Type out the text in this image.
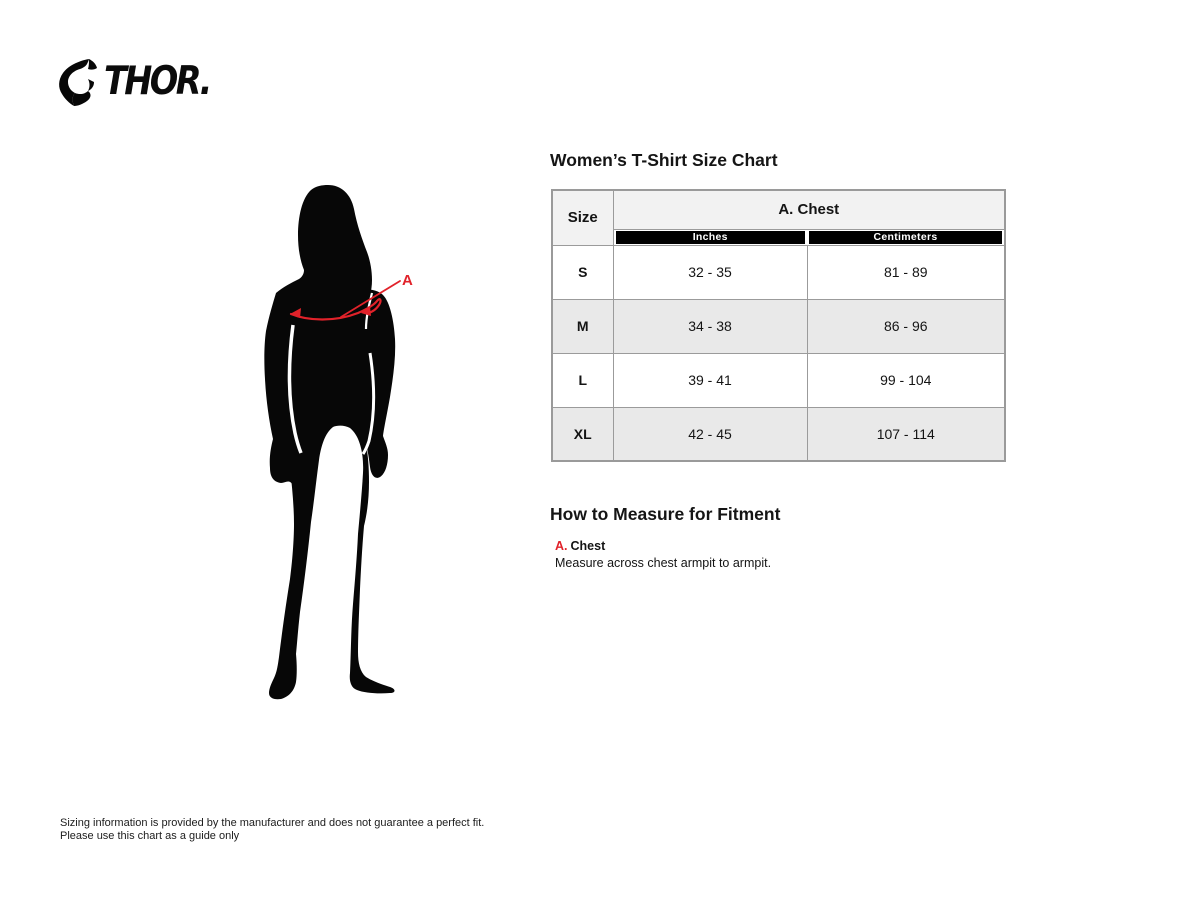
THOR.
A
Women’s T-Shirt Size Chart
Size	A. Chest	

	Inches	Centimeters

S	32 - 35	81 - 89
M	34 - 38	86 - 96
L	39 - 41	99 - 104
XL	42 - 45	107 - 114
How to Measure for Fitment
A. Chest
Measure across chest armpit to armpit.
Sizing information is provided by the manufacturer and does not guarantee a perfect fit.
Please use this chart as a guide only
